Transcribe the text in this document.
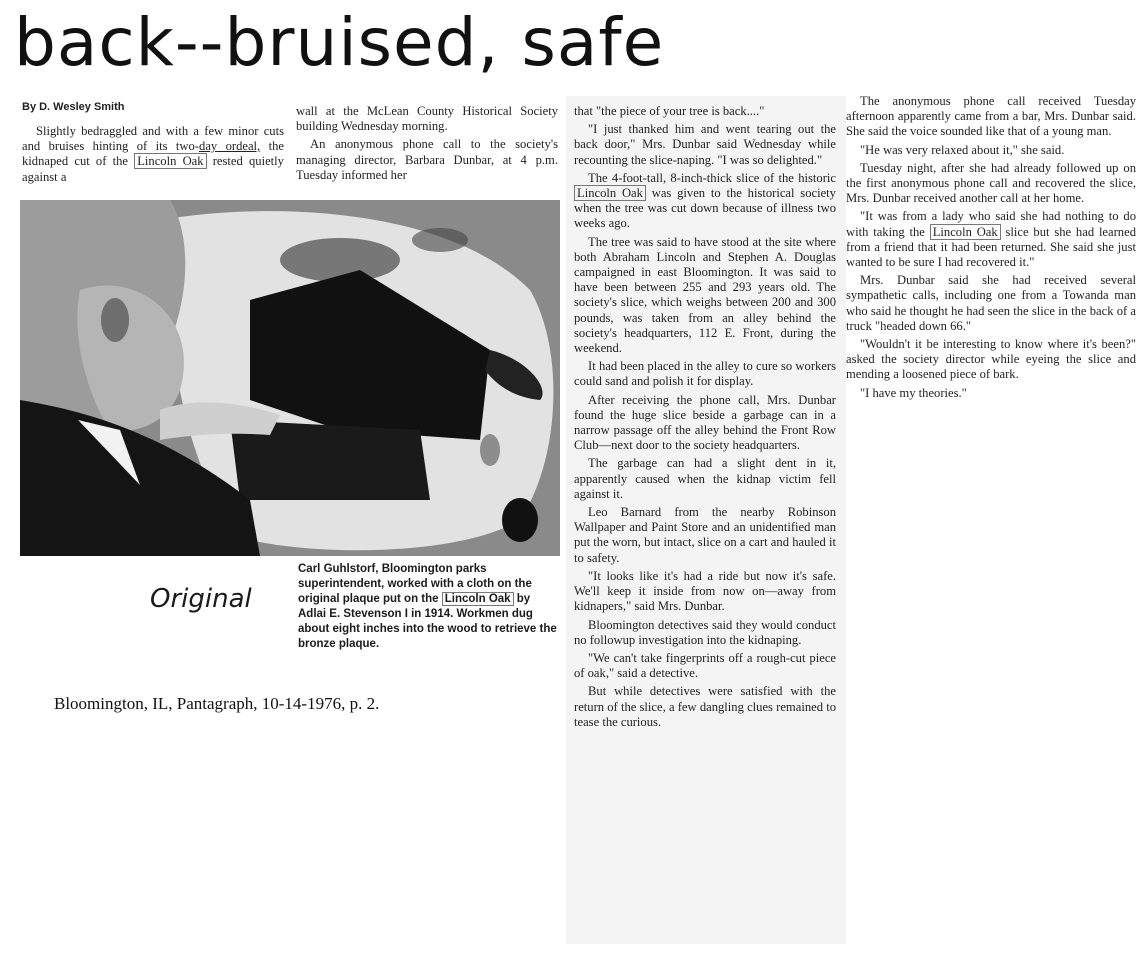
back--bruised, safe
By D. Wesley Smith

Slightly bedraggled and with a few minor cuts and bruises hinting of its two-day ordeal, the kidnaped cut of the Lincoln Oak rested quietly against a

Original
Carl Guhlstorf, Bloomington parks superintendent, worked with a cloth on the original plaque put on the Lincoln Oak by Adlai E. Stevenson I in 1914. Workmen dug about eight inches into the wood to retrieve the bronze plaque.
Bloomington, IL, Pantagraph, 10-14-1976, p. 2.

wall at the McLean County Historical Society building Wednesday morning.

An anonymous phone call to the society's managing director, Barbara Dunbar, at 4 p.m. Tuesday informed her

that "the piece of your tree is back...."

"I just thanked him and went tearing out the back door," Mrs. Dunbar said Wednesday while recounting the slice-naping. "I was so delighted."

The 4-foot-tall, 8-inch-thick slice of the historic Lincoln Oak was given to the historical society when the tree was cut down because of illness two weeks ago.

The tree was said to have stood at the site where both Abraham Lincoln and Stephen A. Douglas campaigned in east Bloomington. It was said to have been between 255 and 293 years old. The society's slice, which weighs between 200 and 300 pounds, was taken from an alley behind the society's headquarters, 112 E. Front, during the weekend.

It had been placed in the alley to cure so workers could sand and polish it for display.

After receiving the phone call, Mrs. Dunbar found the huge slice beside a garbage can in a narrow passage off the alley behind the Front Row Club—next door to the society headquarters.

The garbage can had a slight dent in it, apparently caused when the kidnap victim fell against it.

Leo Barnard from the nearby Robinson Wallpaper and Paint Store and an unidentified man put the worn, but intact, slice on a cart and hauled it to safety.

"It looks like it's had a ride but now it's safe. We'll keep it inside from now on—away from kidnapers," said Mrs. Dunbar.

Bloomington detectives said they would conduct no followup investigation into the kidnaping.

"We can't take fingerprints off a rough-cut piece of oak," said a detective.

But while detectives were satisfied with the return of the slice, a few dangling clues remained to tease the curious.

The anonymous phone call received Tuesday afternoon apparently came from a bar, Mrs. Dunbar said. She said the voice sounded like that of a young man.

"He was very relaxed about it," she said.

Tuesday night, after she had already followed up on the first anonymous phone call and recovered the slice, Mrs. Dunbar received another call at her home.

"It was from a lady who said she had nothing to do with taking the Lincoln Oak slice but she had learned from a friend that it had been returned. She said she just wanted to be sure I had recovered it."

Mrs. Dunbar said she had received several sympathetic calls, including one from a Towanda man who said he thought he had seen the slice in the back of a truck "headed down 66."

"Wouldn't it be interesting to know where it's been?" asked the society director while eyeing the slice and mending a loosened piece of bark.

"I have my theories."
